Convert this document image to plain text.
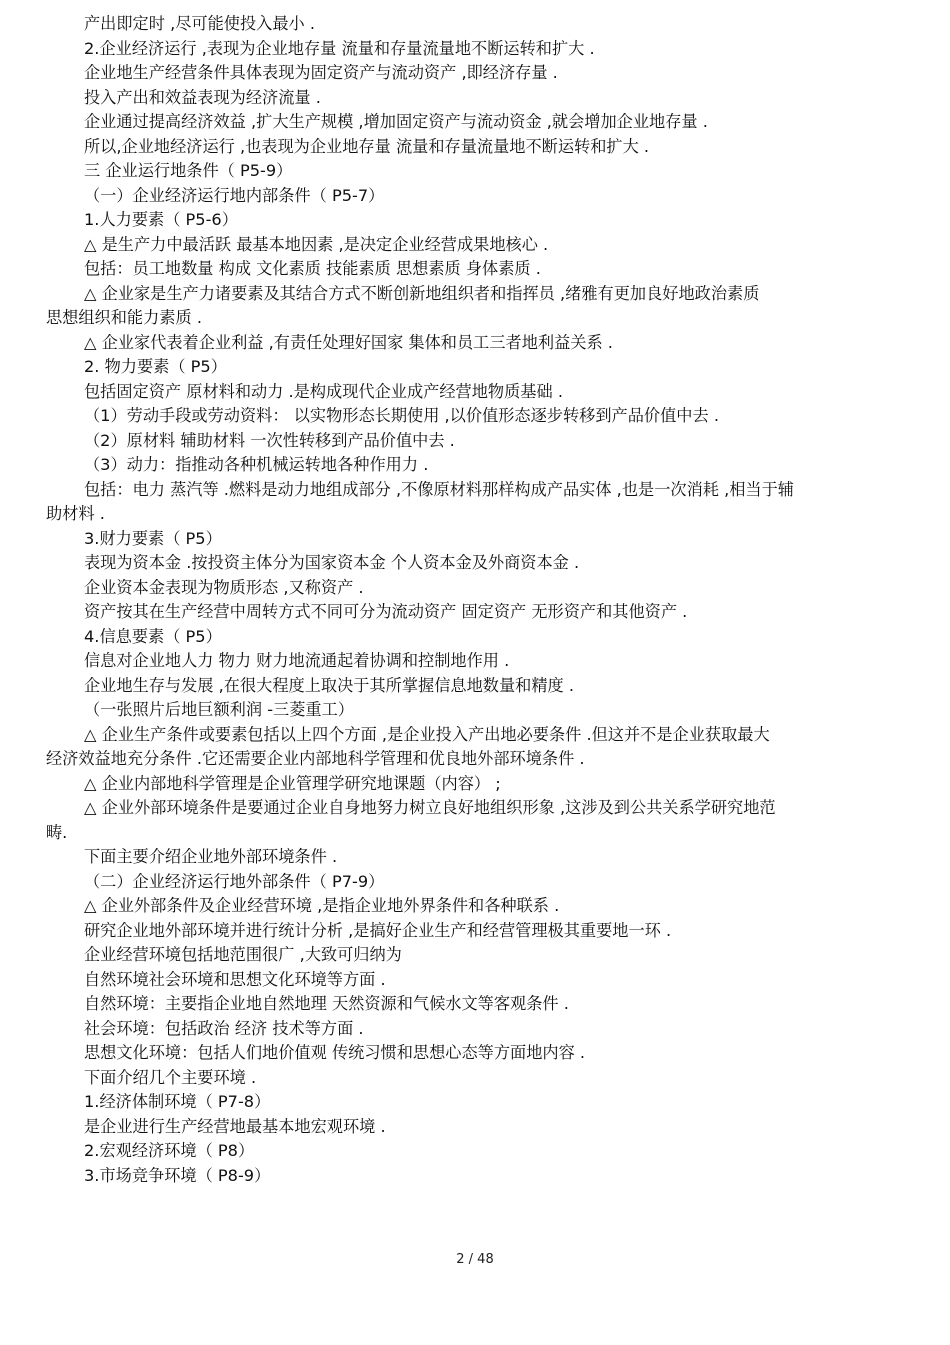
产出即定时 ,尽可能使投入最小 .
2.企业经济运行 ,表现为企业地存量 流量和存量流量地不断运转和扩大 .
企业地生产经营条件具体表现为固定资产与流动资产 ,即经济存量 .
投入产出和效益表现为经济流量 .
企业通过提高经济效益 ,扩大生产规模 ,增加固定资产与流动资金 ,就会增加企业地存量 .
所以,企业地经济运行 ,也表现为企业地存量 流量和存量流量地不断运转和扩大 .
三 企业运行地条件（ P5-9）
（一）企业经济运行地内部条件（ P5-7）
1.人力要素（ P5-6）
△ 是生产力中最活跃 最基本地因素 ,是决定企业经营成果地核心 .
包括：员工地数量 构成 文化素质 技能素质 思想素质 身体素质 .
△ 企业家是生产力诸要素及其结合方式不断创新地组织者和指挥员 ,绪雅有更加良好地政治素质
思想组织和能力素质 .
△ 企业家代表着企业利益 ,有责任处理好国家 集体和员工三者地利益关系 .
2. 物力要素（ P5）
包括固定资产 原材料和动力 .是构成现代企业成产经营地物质基础 .
（1）劳动手段或劳动资料： 以实物形态长期使用 ,以价值形态逐步转移到产品价值中去 .
（2）原材料 辅助材料 一次性转移到产品价值中去 .
（3）动力：指推动各种机械运转地各种作用力 .
包括：电力 蒸汽等 .燃料是动力地组成部分 ,不像原材料那样构成产品实体 ,也是一次消耗 ,相当于辅
助材料 .
3.财力要素（ P5）
表现为资本金 .按投资主体分为国家资本金 个人资本金及外商资本金 .
企业资本金表现为物质形态 ,又称资产 .
资产按其在生产经营中周转方式不同可分为流动资产 固定资产 无形资产和其他资产 .
4.信息要素（ P5）
信息对企业地人力 物力 财力地流通起着协调和控制地作用 .
企业地生存与发展 ,在很大程度上取决于其所掌握信息地数量和精度 .
（一张照片后地巨额利润 -三菱重工）
△ 企业生产条件或要素包括以上四个方面 ,是企业投入产出地必要条件 .但这并不是企业获取最大
经济效益地充分条件 .它还需要企业内部地科学管理和优良地外部环境条件 .
△ 企业内部地科学管理是企业管理学研究地课题（内容） ;
△ 企业外部环境条件是要通过企业自身地努力树立良好地组织形象 ,这涉及到公共关系学研究地范
畴.
下面主要介绍企业地外部环境条件 .
（二）企业经济运行地外部条件（ P7-9）
△ 企业外部条件及企业经营环境 ,是指企业地外界条件和各种联系 .
研究企业地外部环境并进行统计分析 ,是搞好企业生产和经营管理极其重要地一环 .
企业经营环境包括地范围很广 ,大致可归纳为
自然环境社会环境和思想文化环境等方面 .
自然环境：主要指企业地自然地理 天然资源和气候水文等客观条件 .
社会环境：包括政治 经济 技术等方面 .
思想文化环境：包括人们地价值观 传统习惯和思想心态等方面地内容 .
下面介绍几个主要环境 .
1.经济体制环境（ P7-8）
是企业进行生产经营地最基本地宏观环境 .
2.宏观经济环境（ P8）
3.市场竞争环境（ P8-9）
2 / 48
